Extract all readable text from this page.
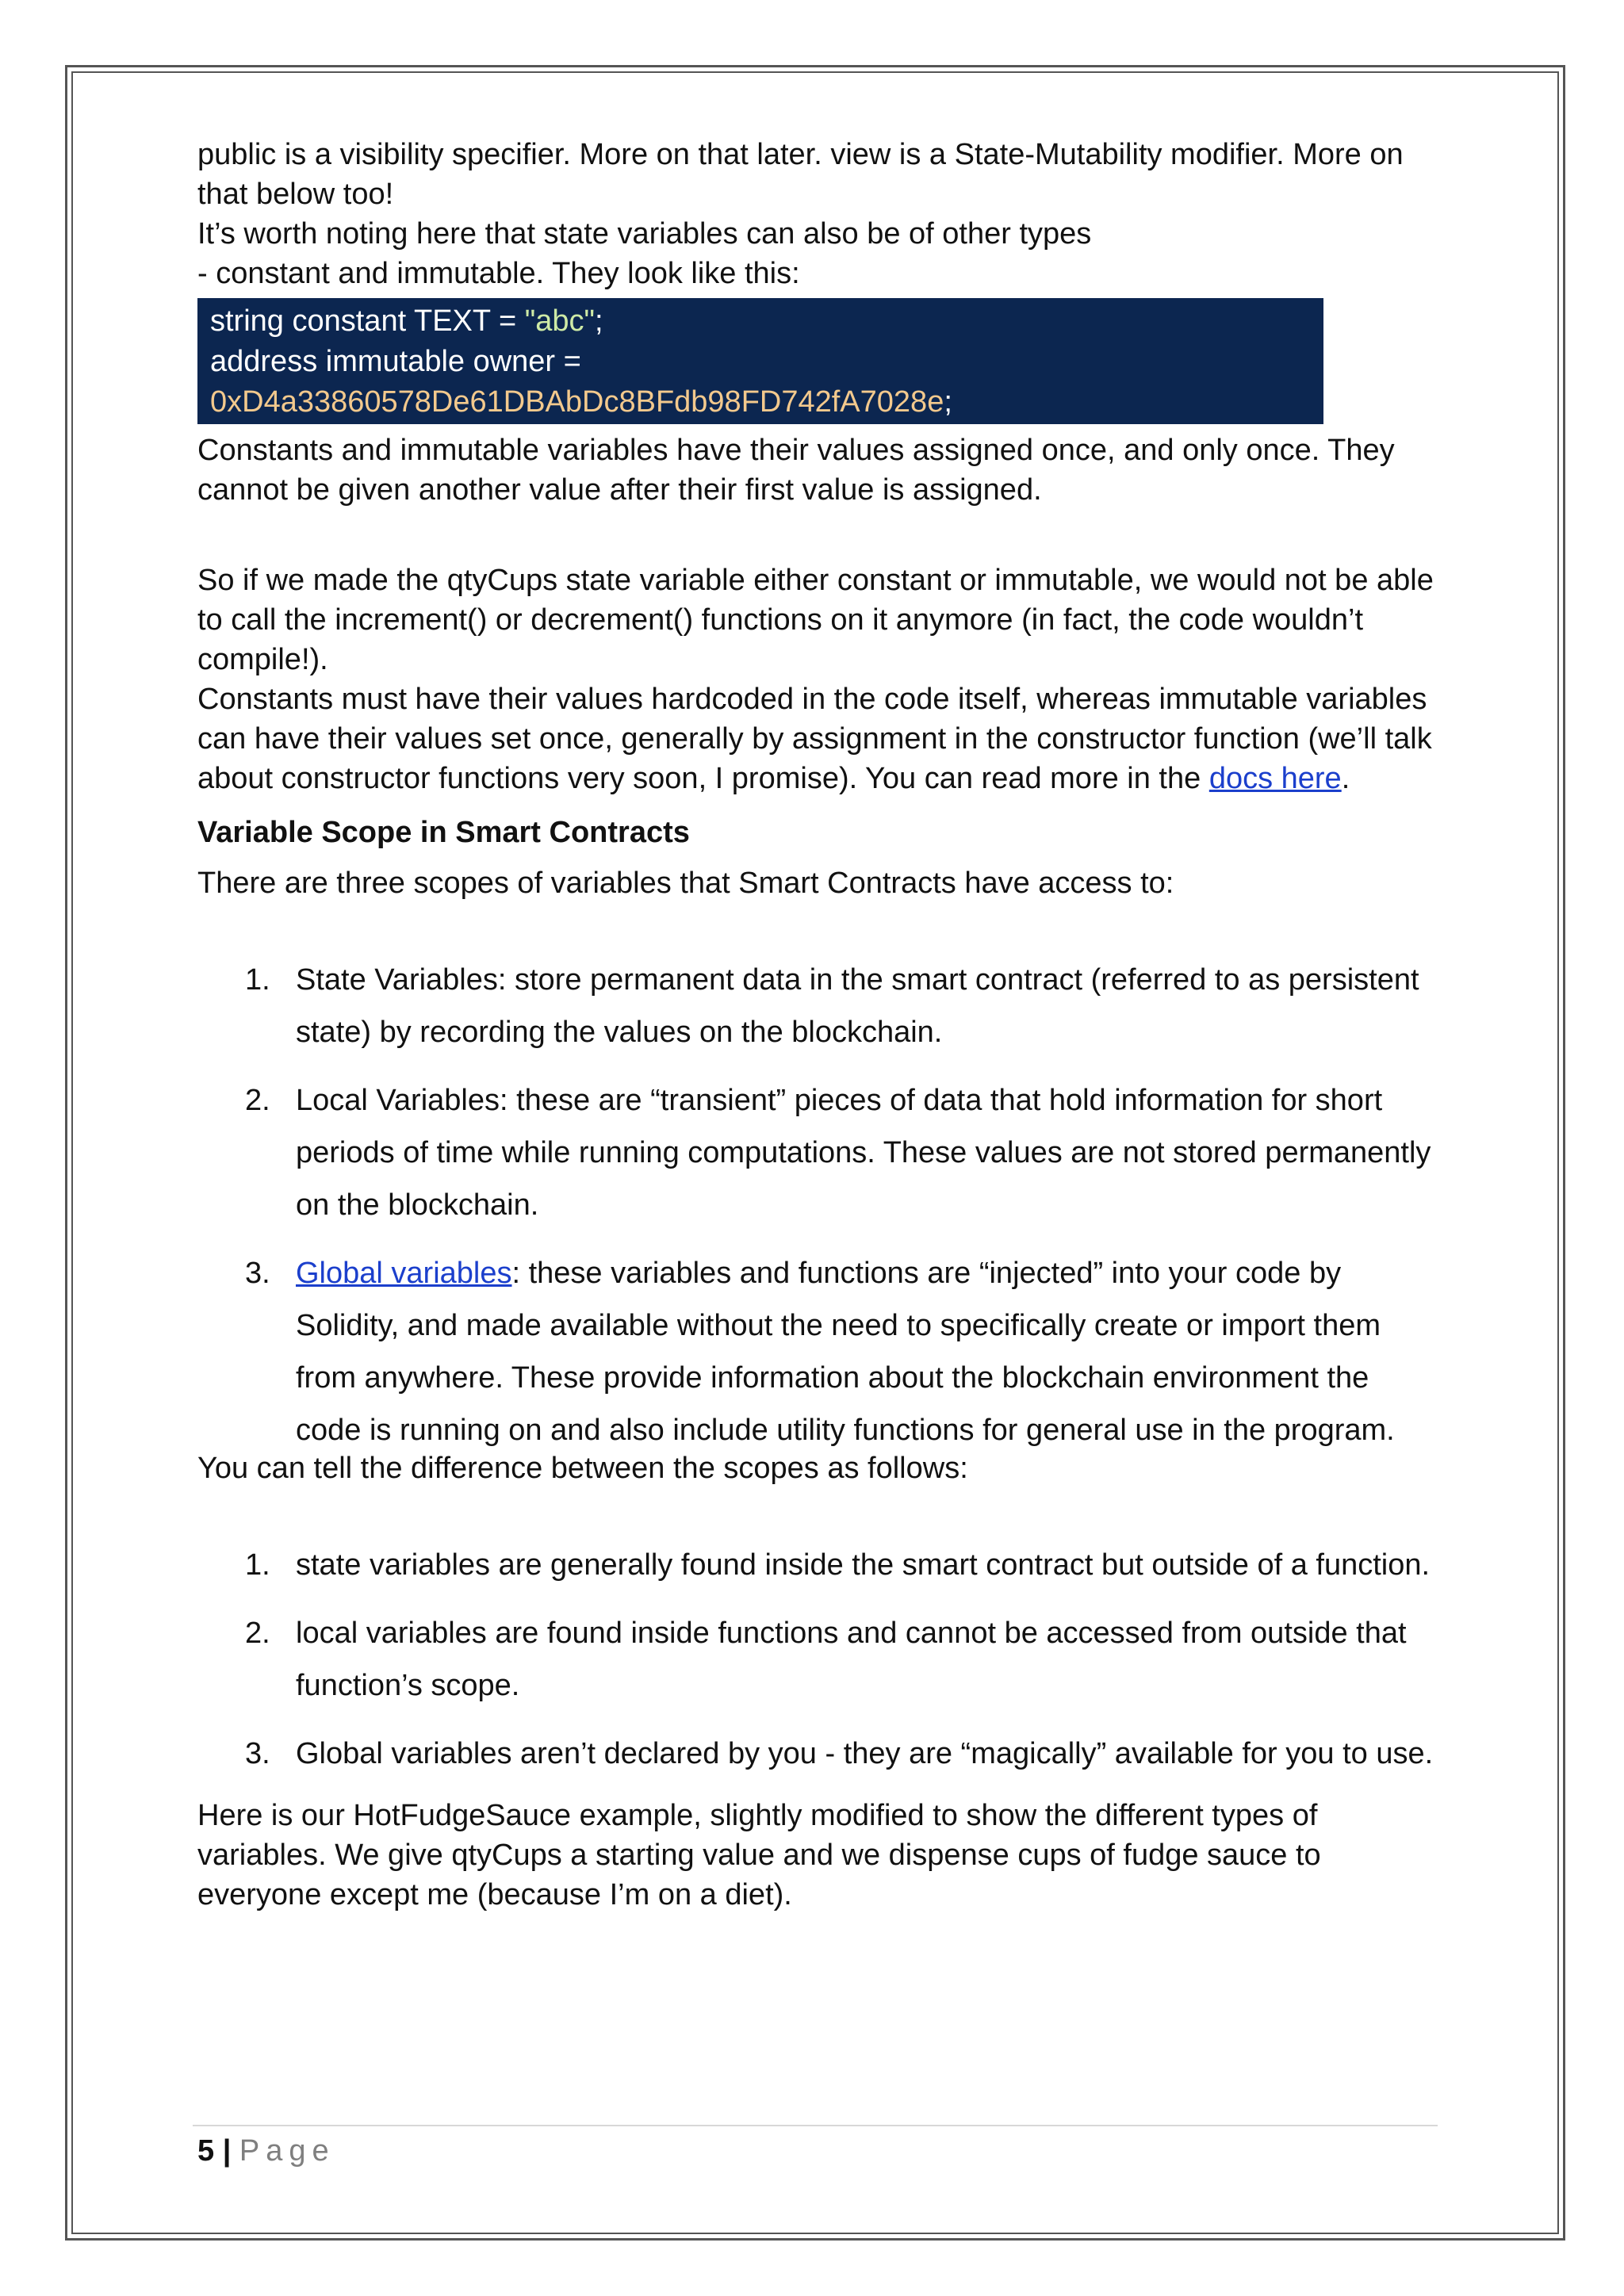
public is a visibility specifier. More on that later. view is a State-Mutability modifier. More on that below too!

It’s worth noting here that state variables can also be of other types

- constant and immutable. They look like this:

string constant TEXT = "abc";
address immutable owner = 0xD4a33860578De61DBAbDc8BFdb98FD742fA7028e;

Constants and immutable variables have their values assigned once, and only once. They cannot be given another value after their first value is assigned.

So if we made the qtyCups state variable either constant or immutable, we would not be able to call the increment() or decrement() functions on it anymore (in fact, the code wouldn’t compile!).

Constants must have their values hardcoded in the code itself, whereas immutable variables can have their values set once, generally by assignment in the constructor function (we’ll talk about constructor functions very soon, I promise). You can read more in the docs here.

Variable Scope in Smart Contracts

There are three scopes of variables that Smart Contracts have access to:

1. State Variables: store permanent data in the smart contract (referred to as persistent state) by recording the values on the blockchain.
2. Local Variables: these are “transient” pieces of data that hold information for short periods of time while running computations. These values are not stored permanently on the blockchain.
3. Global variables: these variables and functions are “injected” into your code by Solidity, and made available without the need to specifically create or import them from anywhere. These provide information about the blockchain environment the code is running on and also include utility functions for general use in the program.

You can tell the difference between the scopes as follows:

1. state variables are generally found inside the smart contract but outside of a function.
2. local variables are found inside functions and cannot be accessed from outside that function’s scope.
3. Global variables aren’t declared by you - they are “magically” available for you to use.

Here is our HotFudgeSauce example, slightly modified to show the different types of variables. We give qtyCups a starting value and we dispense cups of fudge sauce to everyone except me (because I’m on a diet).

5 | Page
